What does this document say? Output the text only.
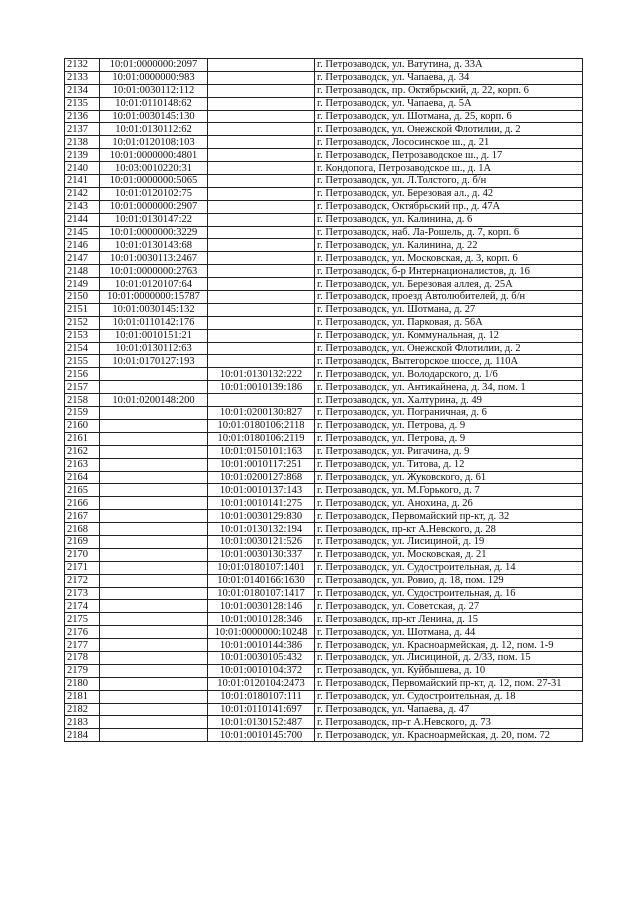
2132	10:01:0000000:2097		г. Петрозаводск, ул. Ватутина, д. 33А
2133	10:01:0000000:983		г. Петрозаводск, ул. Чапаева, д. 34
2134	10:01:0030112:112		г. Петрозаводск, пр. Октябрьский, д. 22, корп. 6
2135	10:01:0110148:62		г. Петрозаводск, ул. Чапаева, д. 5А
2136	10:01:0030145:130		г. Петрозаводск, ул. Шотмана, д. 25, корп. 6
2137	10:01:0130112:62		г. Петрозаводск, ул. Онежской Флотилии, д. 2
2138	10:01:0120108:103		г. Петрозаводск, Лососинское ш., д. 21
2139	10:01:0000000:4801		г. Петрозаводск, Петрозаводское ш., д. 17
2140	10:03:0010220:31		г. Кондопога, Петрозаводское ш., д. 1А
2141	10:01:0000000:5065		г. Петрозаводск, ул. Л.Толстого, д. б/н
2142	10:01:0120102:75		г. Петрозаводск, ул. Березовая ал., д. 42
2143	10:01:0000000:2907		г. Петрозаводск, Октябрьский пр., д. 47А
2144	10:01:0130147:22		г. Петрозаводск, ул. Калинина, д. 6
2145	10:01:0000000:3229		г. Петрозаводск, наб. Ла-Рошель, д. 7, корп. 6
2146	10:01:0130143:68		г. Петрозаводск, ул. Калинина, д. 22
2147	10:01:0030113:2467		г. Петрозаводск, ул. Московская, д. 3, корп. 6
2148	10:01:0000000:2763		г. Петрозаводск, б-р Интернационалистов, д. 16
2149	10:01:0120107:64		г. Петрозаводск, ул. Березовая аллея, д. 25А
2150	10:01:0000000:15787		г. Петрозаводск, проезд Автолюбителей, д. б/н
2151	10:01:0030145:132		г. Петрозаводск, ул. Шотмана, д. 27
2152	10:01:0110142:176		г. Петрозаводск, ул. Парковая, д. 56А
2153	10:01:0010151:21		г. Петрозаводск, ул. Коммунальная, д. 12
2154	10:01:0130112:63		г. Петрозаводск, ул. Онежской Флотилии, д. 2
2155	10:01:0170127:193		г. Петрозаводск, Вытегорское шоссе, д. 110А
2156		10:01:0130132:222	г. Петрозаводск, ул. Володарского, д. 1/6
2157		10:01:0010139:186	г. Петрозаводск, ул. Антикайнена, д. 34, пом. 1
2158	10:01:0200148:200		г. Петрозаводск, ул. Халтурина, д. 49
2159		10:01:0200130:827	г. Петрозаводск, ул. Пограничная, д. 6
2160		10:01:0180106:2118	г. Петрозаводск, ул. Петрова, д. 9
2161		10:01:0180106:2119	г. Петрозаводск, ул. Петрова, д. 9
2162		10:01:0150101:163	г. Петрозаводск, ул. Ригачина, д. 9
2163		10:01:0010117:251	г. Петрозаводск, ул. Титова, д. 12
2164		10:01:0200127:868	г. Петрозаводск, ул. Жуковского, д. 61
2165		10:01:0010137:143	г. Петрозаводск, ул. М.Горького, д. 7
2166		10:01:0010141:275	г. Петрозаводск, ул. Анохина, д. 26
2167		10:01:0030129:830	г. Петрозаводск, Первомайский пр-кт, д. 32
2168		10:01:0130132:194	г. Петрозаводск, пр-кт А.Невского, д. 28
2169		10:01:0030121:526	г. Петрозаводск, ул. Лисициной, д. 19
2170		10:01:0030130:337	г. Петрозаводск, ул. Московская, д. 21
2171		10:01:0180107:1401	г. Петрозаводск, ул. Судостроительная, д. 14
2172		10:01:0140166:1630	г. Петрозаводск, ул. Ровио, д. 18, пом. 129
2173		10:01:0180107:1417	г. Петрозаводск, ул. Судостроительная, д. 16
2174		10:01:0030128:146	г. Петрозаводск, ул. Советская, д. 27
2175		10:01:0010128:346	г. Петрозаводск, пр-кт Ленина, д. 15
2176		10:01:0000000:10248	г. Петрозаводск, ул. Шотмана, д. 44
2177		10:01:0010144:386	г. Петрозаводск, ул. Красноармейская, д. 12, пом. 1-9
2178		10:01:0030105:432	г. Петрозаводск, ул. Лисициной, д. 2/33, пом. 15
2179		10:01:0010104:372	г. Петрозаводск, ул. Куйбышева, д. 10
2180		10:01:0120104:2473	г. Петрозаводск, Первомайский пр-кт, д. 12, пом. 27-31
2181		10:01:0180107:111	г. Петрозаводск, ул. Судостроительная, д. 18
2182		10:01:0110141:697	г. Петрозаводск, ул. Чапаева, д. 47
2183		10:01:0130152:487	г. Петрозаводск, пр-т А.Невского, д. 73
2184		10:01:0010145:700	г. Петрозаводск, ул. Красноармейская, д. 20, пом. 72
